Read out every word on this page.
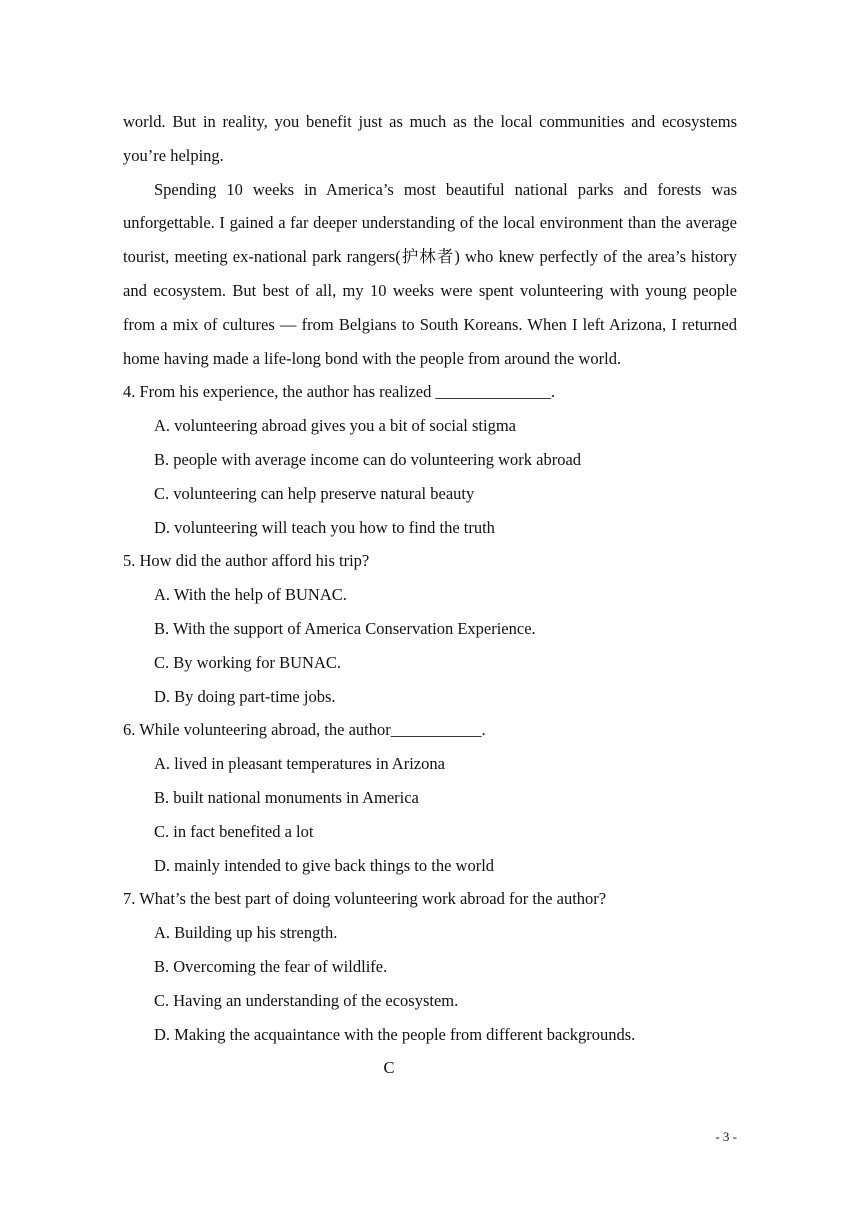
world. But in reality, you benefit just as much as the local communities and ecosystems you’re helping.

Spending 10 weeks in America’s most beautiful national parks and forests was unforgettable. I gained a far deeper understanding of the local environment than the average tourist, meeting ex-national park rangers(护林者) who knew perfectly of the area’s history and ecosystem. But best of all, my 10 weeks were spent volunteering with young people from a mix of cultures — from Belgians to South Koreans. When I left Arizona, I returned home having made a life-long bond with the people from around the world.

4. From his experience, the author has realized ______________.

A. volunteering abroad gives you a bit of social stigma

B. people with average income can do volunteering work abroad

C. volunteering can help preserve natural beauty

D. volunteering will teach you how to find the truth

5. How did the author afford his trip?

A. With the help of BUNAC.

B. With the support of America Conservation Experience.

C. By working for BUNAC.

D. By doing part-time jobs.

6. While volunteering abroad, the author___________.

A. lived in pleasant temperatures in Arizona

B. built national monuments in America

C. in fact benefited a lot

D. mainly intended to give back things to the world

7. What’s the best part of doing volunteering work abroad for the author?

A. Building up his strength.

B. Overcoming the fear of wildlife.

C. Having an understanding of the ecosystem.

D. Making the acquaintance with the people from different backgrounds.

C

- 3 -
